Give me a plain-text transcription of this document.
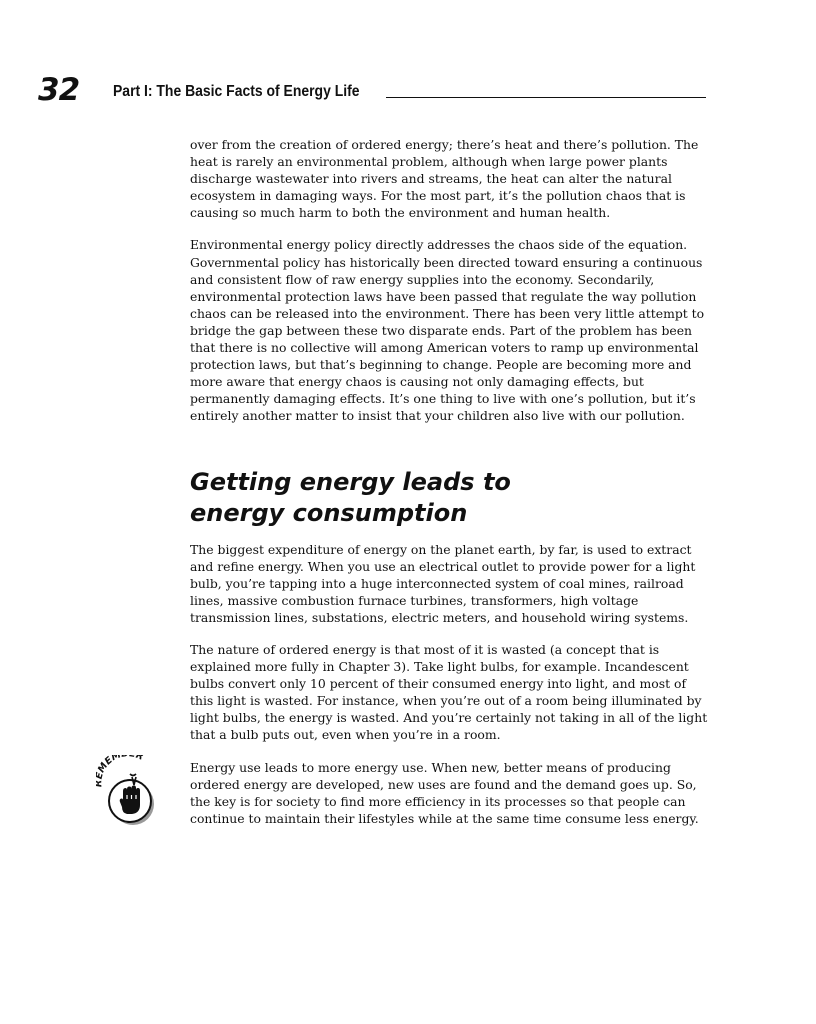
32 Part I: The Basic Facts of Energy Life

over from the creation of ordered energy; there’s heat and there’s pollution. The heat is rarely an environmental problem, although when large power plants discharge wastewater into rivers and streams, the heat can alter the natural ecosystem in damaging ways. For the most part, it’s the pollution chaos that is causing so much harm to both the environment and human health.

Environmental energy policy directly addresses the chaos side of the equation. Governmental policy has historically been directed toward ensuring a continuous and consistent flow of raw energy supplies into the economy. Secondarily, environmental protection laws have been passed that regulate the way pollution chaos can be released into the environment. There has been very little attempt to bridge the gap between these two disparate ends. Part of the problem has been that there is no collective will among American voters to ramp up environmental protection laws, but that’s beginning to change. People are becoming more and more aware that energy chaos is causing not only damaging effects, but permanently damaging effects. It’s one thing to live with one’s pollution, but it’s entirely another matter to insist that your children also live with our pollution.

Getting energy leads to energy consumption

The biggest expenditure of energy on the planet earth, by far, is used to extract and refine energy. When you use an electrical outlet to provide power for a light bulb, you’re tapping into a huge interconnected system of coal mines, railroad lines, massive combustion furnace turbines, transformers, high voltage transmission lines, substations, electric meters, and household wiring systems.

The nature of ordered energy is that most of it is wasted (a concept that is explained more fully in Chapter 3). Take light bulbs, for example. Incandescent bulbs convert only 10 percent of their consumed energy into light, and most of this light is wasted. For instance, when you’re out of a room being illuminated by light bulbs, the energy is wasted. And you’re certainly not taking in all of the light that a bulb puts out, even when you’re in a room.

MEM R

Energy use leads to more energy use. When new, better means of producing ordered energy are developed, new uses are found and the demand goes up. So, the key is for society to find more efficiency in its processes so that people can continue to maintain their lifestyles while at the same time consume less energy.
